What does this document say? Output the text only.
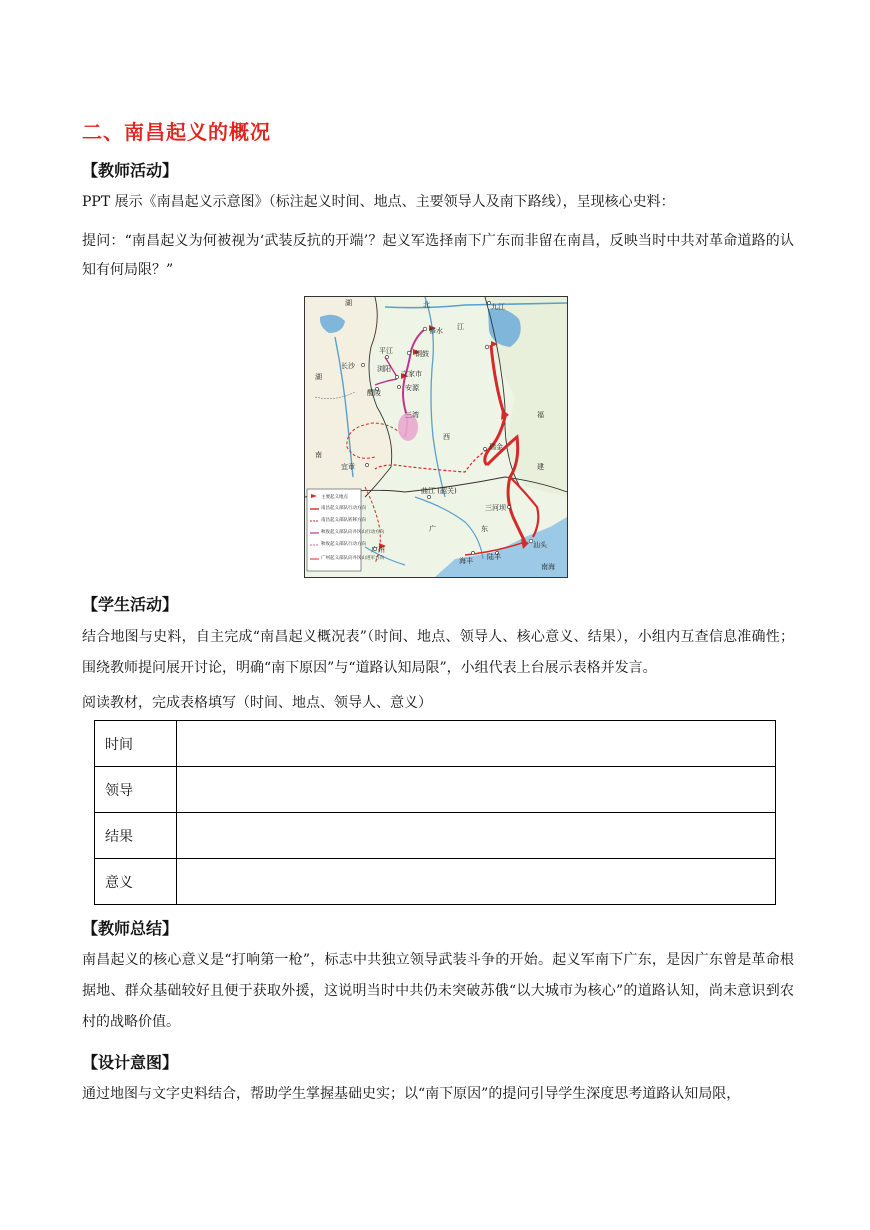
二、南昌起义的概况
【教师活动】
PPT 展示《南昌起义示意图》（标注起义时间、地点、主要领导人及南下路线），呈现核心史料：
提问：“南昌起义为何被视为‘武装反抗的开端’？起义军选择南下广东而非留在南昌，反映当时中共对革命道路的认知有何局限？”
湖	北
江
九江
修水
平江	铜鼓
浏阳
长沙
文家市
安源
醴陵
湖
三湾
西
瑞金
福
建
南
宜章
曲江 (韶关)
三河坝
广	东
广州
海丰 陆丰
汕头
南海
主要起义地点
南昌起义部队行动方向
南昌起义部队转移方向
秋收起义部队向井冈山行动方向
秋收起义部队行动方向
广州起义部队向井冈山进军方向
【学生活动】
结合地图与史料，自主完成“南昌起义概况表”（时间、地点、领导人、核心意义、结果），小组内互查信息准确性；围绕教师提问展开讨论，明确“南下原因”与“道路认知局限”，小组代表上台展示表格并发言。
阅读教材，完成表格填写（时间、地点、领导人、意义）
时间	
领导	
结果	
意义	
【教师总结】
南昌起义的核心意义是“打响第一枪”，标志中共独立领导武装斗争的开始。起义军南下广东，是因广东曾是革命根据地、群众基础较好且便于获取外援，这说明当时中共仍未突破苏俄“以大城市为核心”的道路认知，尚未意识到农村的战略价值。
【设计意图】
通过地图与文字史料结合，帮助学生掌握基础史实；以“南下原因”的提问引导学生深度思考道路认知局限，
